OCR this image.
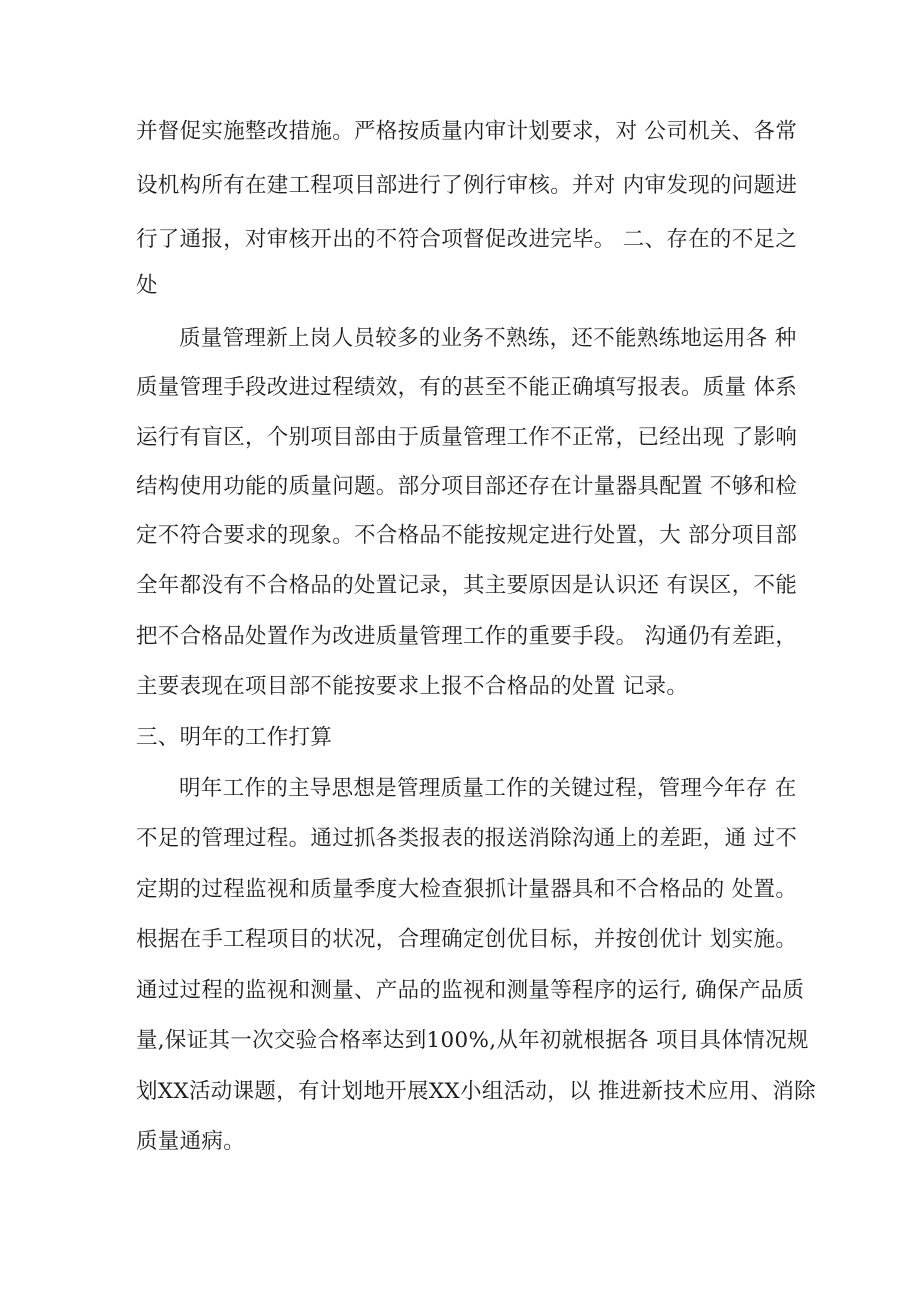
并督促实施整改措施。严格按质量内审计划要求，对 公司机关、各常
设机构所有在建工程项目部进行了例行审核。并对 内审发现的问题进
行了通报，对审核开出的不符合项督促改进完毕。 二、存在的不足之
处
质量管理新上岗人员较多的业务不熟练，还不能熟练地运用各 种
质量管理手段改进过程绩效，有的甚至不能正确填写报表。质量 体系
运行有盲区，个别项目部由于质量管理工作不正常，已经出现 了影响
结构使用功能的质量问题。部分项目部还存在计量器具配置 不够和检
定不符合要求的现象。不合格品不能按规定进行处置，大 部分项目部
全年都没有不合格品的处置记录，其主要原因是认识还 有误区，不能
把不合格品处置作为改进质量管理工作的重要手段。 沟通仍有差距，
主要表现在项目部不能按要求上报不合格品的处置 记录。
三、明年的工作打算
明年工作的主导思想是管理质量工作的关键过程，管理今年存 在
不足的管理过程。通过抓各类报表的报送消除沟通上的差距，通 过不
定期的过程监视和质量季度大检查狠抓计量器具和不合格品的 处置。
根据在手工程项目的状况，合理确定创优目标，并按创优计 划实施。
通过过程的监视和测量、产品的监视和测量等程序的运行, 确保产品质
量,保证其一次交验合格率达到100%,从年初就根据各 项目具体情况规
划XX活动课题，有计划地开展XX小组活动，以 推进新技术应用、消除
质量通病。
